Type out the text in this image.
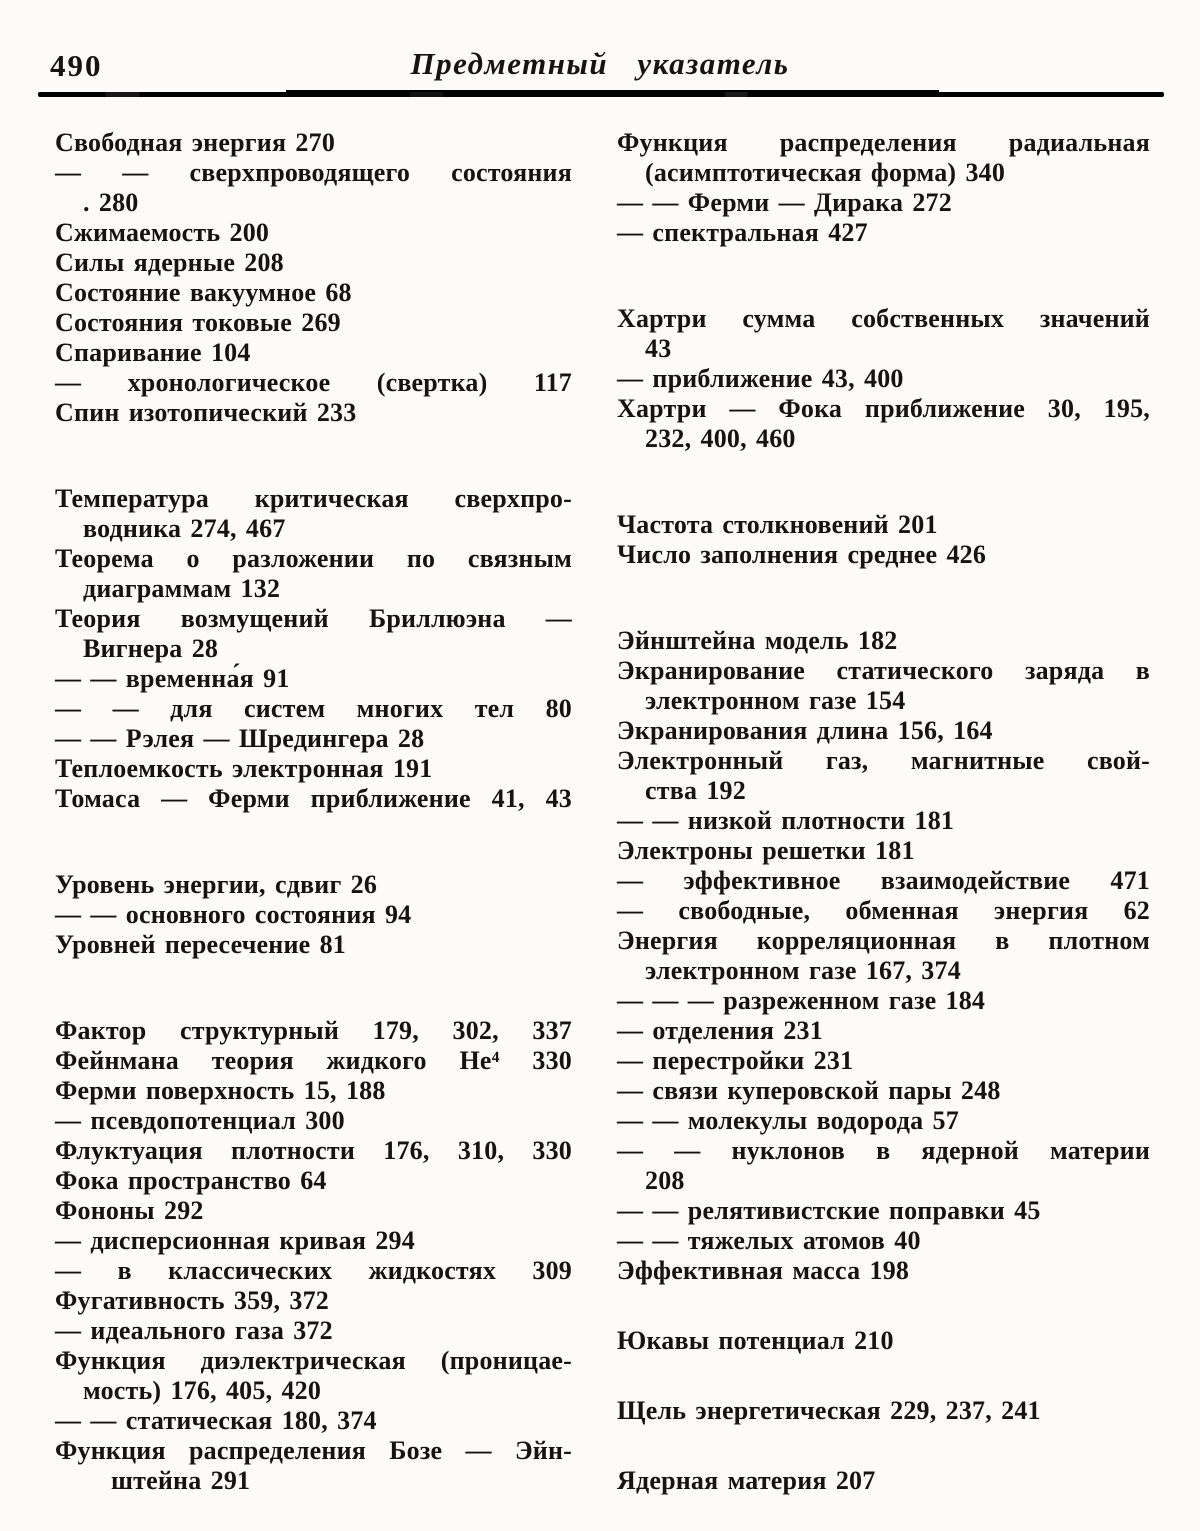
490	Предметный указатель
Свободная энергия 270
— — сверхпроводящего состояния
. 280
Сжимаемость 200
Силы ядерные 208
Состояние вакуумное 68
Состояния токовые 269
Спаривание 104
— хронологическое (свертка) 117
Спин изотопический 233
Температура критическая сверхпро-
водника 274, 467
Теорема о разложении по связным
диаграммам 132
Теория возмущений Бриллюэна —
Вигнера 28
— — временна́я 91
— — для систем многих тел 80
— — Рэлея — Шредингера 28
Теплоемкость электронная 191
Томаса — Ферми приближение 41, 43
Уровень энергии, сдвиг 26
— — основного состояния 94
Уровней пересечение 81
Фактор структурный 179, 302, 337
Фейнмана теория жидкого He⁴ 330
Ферми поверхность 15, 188
— псевдопотенциал 300
Флуктуация плотности 176, 310, 330
Фока пространство 64
Фононы 292
— дисперсионная кривая 294
— в классических жидкостях 309
Фугативность 359, 372
— идеального газа 372
Функция диэлектрическая (проницае-
мость) 176, 405, 420
— — статическая 180, 374
Функция распределения Бозе — Эйн-
штейна 291
Функция распределения радиальная
(асимптотическая форма) 340
— — Ферми — Дирака 272
— спектральная 427
Хартри сумма собственных значений
43
— приближение 43, 400
Хартри — Фока приближение 30, 195,
232, 400, 460
Частота столкновений 201
Число заполнения среднее 426
Эйнштейна модель 182
Экранирование статического заряда в
электронном газе 154
Экранирования длина 156, 164
Электронный газ, магнитные свой-
ства 192
— — низкой плотности 181
Электроны решетки 181
— эффективное взаимодействие 471
— свободные, обменная энергия 62
Энергия корреляционная в плотном
электронном газе 167, 374
— — — разреженном газе 184
— отделения 231
— перестройки 231
— связи куперовской пары 248
— — молекулы водорода 57
— — нуклонов в ядерной материи
208
— — релятивистские поправки 45
— — тяжелых атомов 40
Эффективная масса 198
Юкавы потенциал 210
Щель энергетическая 229, 237, 241
Ядерная материя 207
